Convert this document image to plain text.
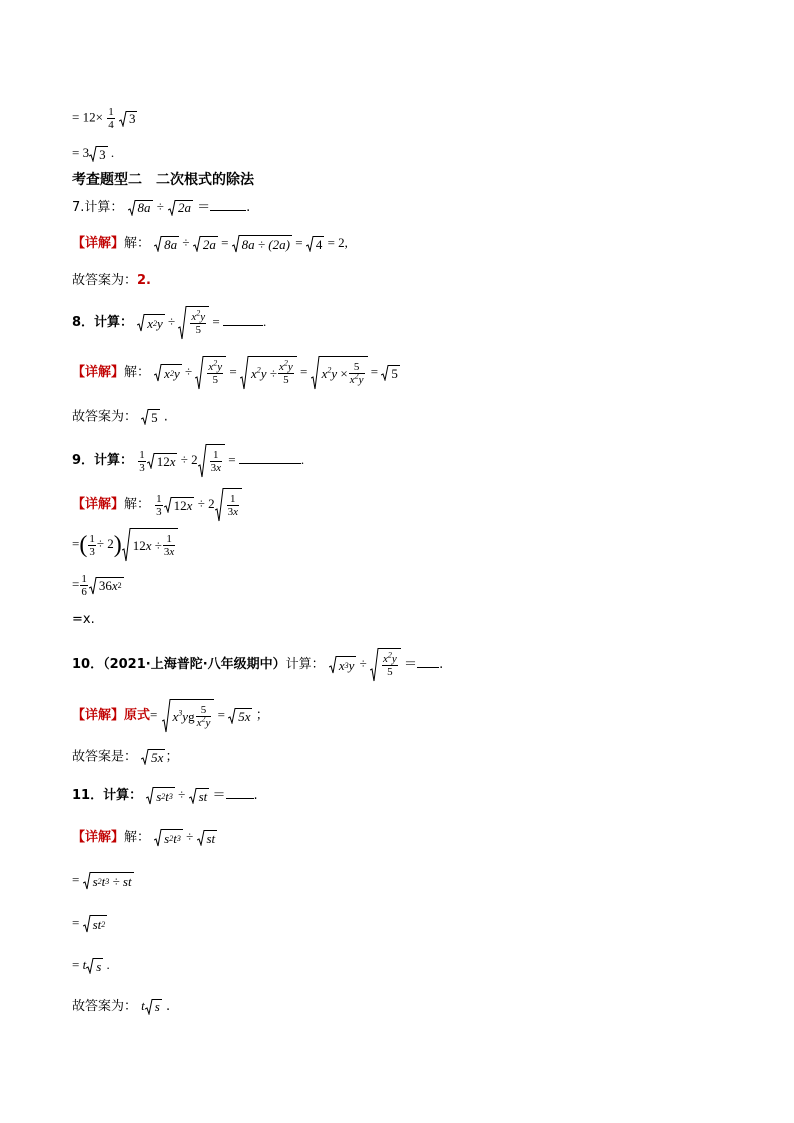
= $12\times \frac{1}{4}$
3
= 3 3 .
考查题型二　二次根式的除法
7.计算： 8a ÷ 2a ＝	.
【详解】解： 8a ÷ 2a = 8a ÷ (2a) = 4 = 2,
故答案为：2.
8．计算： x 2 $y \div \frac{x^2y}{5}$ =	.
【详解】解： x 2 $y \div \frac{x^2y}{5} = x^2y \div \frac{x^2y}{5} = x^2y \times \frac{5}{x^2y} = 5$
故答案为： 5 .
9．计算： $\frac{1}{3} 12$ $x \div 2 \frac{1}{3x}$ =	.
【详解】解： $\frac{1}{3} 12$ $x \div 2 \frac{1}{3x}$
=( $\frac{1}{3} \div 2$) 12 $x \div \frac{1}{3x}$
= $\frac{1}{6} 36$ x 2
=x.
10．（2021·上海普陀·八年级期中）计算： x 3 $y \div \frac{x^2y}{5}$ ＝ .
【详解】原式= $x^3y$ g $\frac{5}{x^2y} = 5x$ ；
故答案是： 5x ；
11．计算： s 2 t 3 ÷ st ＝ .
【详解】解： s 2 t 3 ÷ st
= s 2 t 3 ÷ st
= st 2
= t s .
故答案为： t s .
